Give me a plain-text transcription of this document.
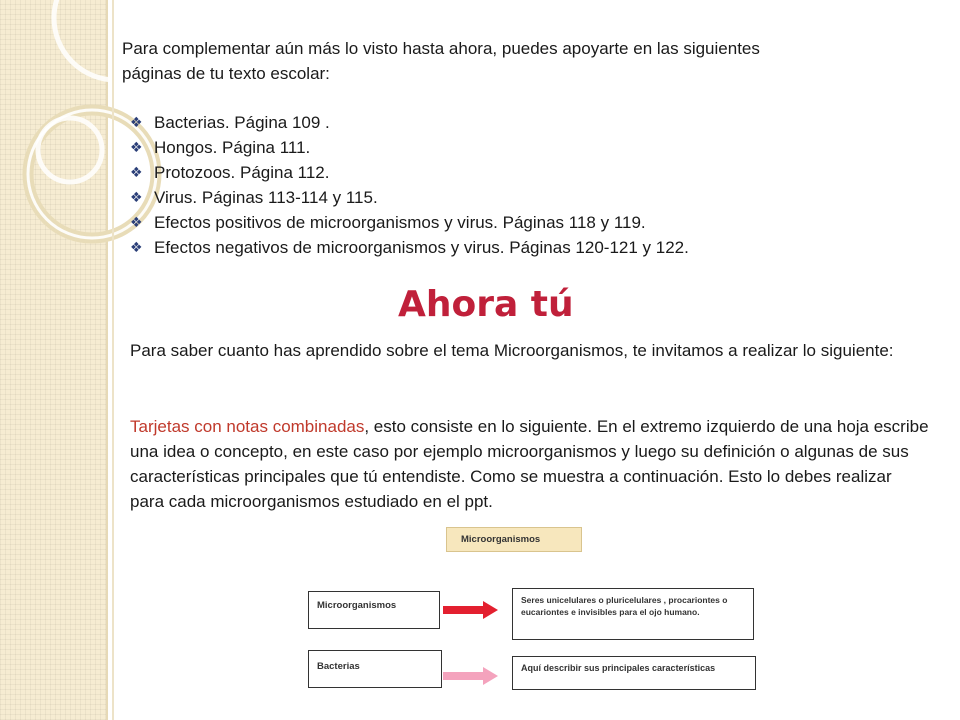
Para complementar aún más lo visto hasta ahora, puedes apoyarte en las siguientes
páginas de tu texto escolar:

❖ Bacterias. Página 109 .
❖ Hongos. Página 111.
❖ Protozoos. Página 112.
❖ Virus. Páginas 113-114 y 115.
❖ Efectos positivos de microorganismos y virus. Páginas 118 y 119.
❖ Efectos negativos de microorganismos y virus. Páginas 120-121 y 122.
Ahora tú

Para saber cuanto has aprendido sobre el tema Microorganismos, te invitamos a realizar lo siguiente:

Tarjetas con notas combinadas, esto consiste en lo siguiente. En el extremo izquierdo de una hoja escribe una idea o concepto, en este caso por ejemplo microorganismos y luego su definición o algunas de sus características principales que tú entendiste. Como se muestra a continuación. Esto lo debes realizar para cada microorganismos estudiado en el ppt.

Microorganismos
Microorganismos	Seres unicelulares o pluricelulares , procariontes o eucariontes e invisibles para el ojo humano.
Bacterias	Aquí describir sus principales características
